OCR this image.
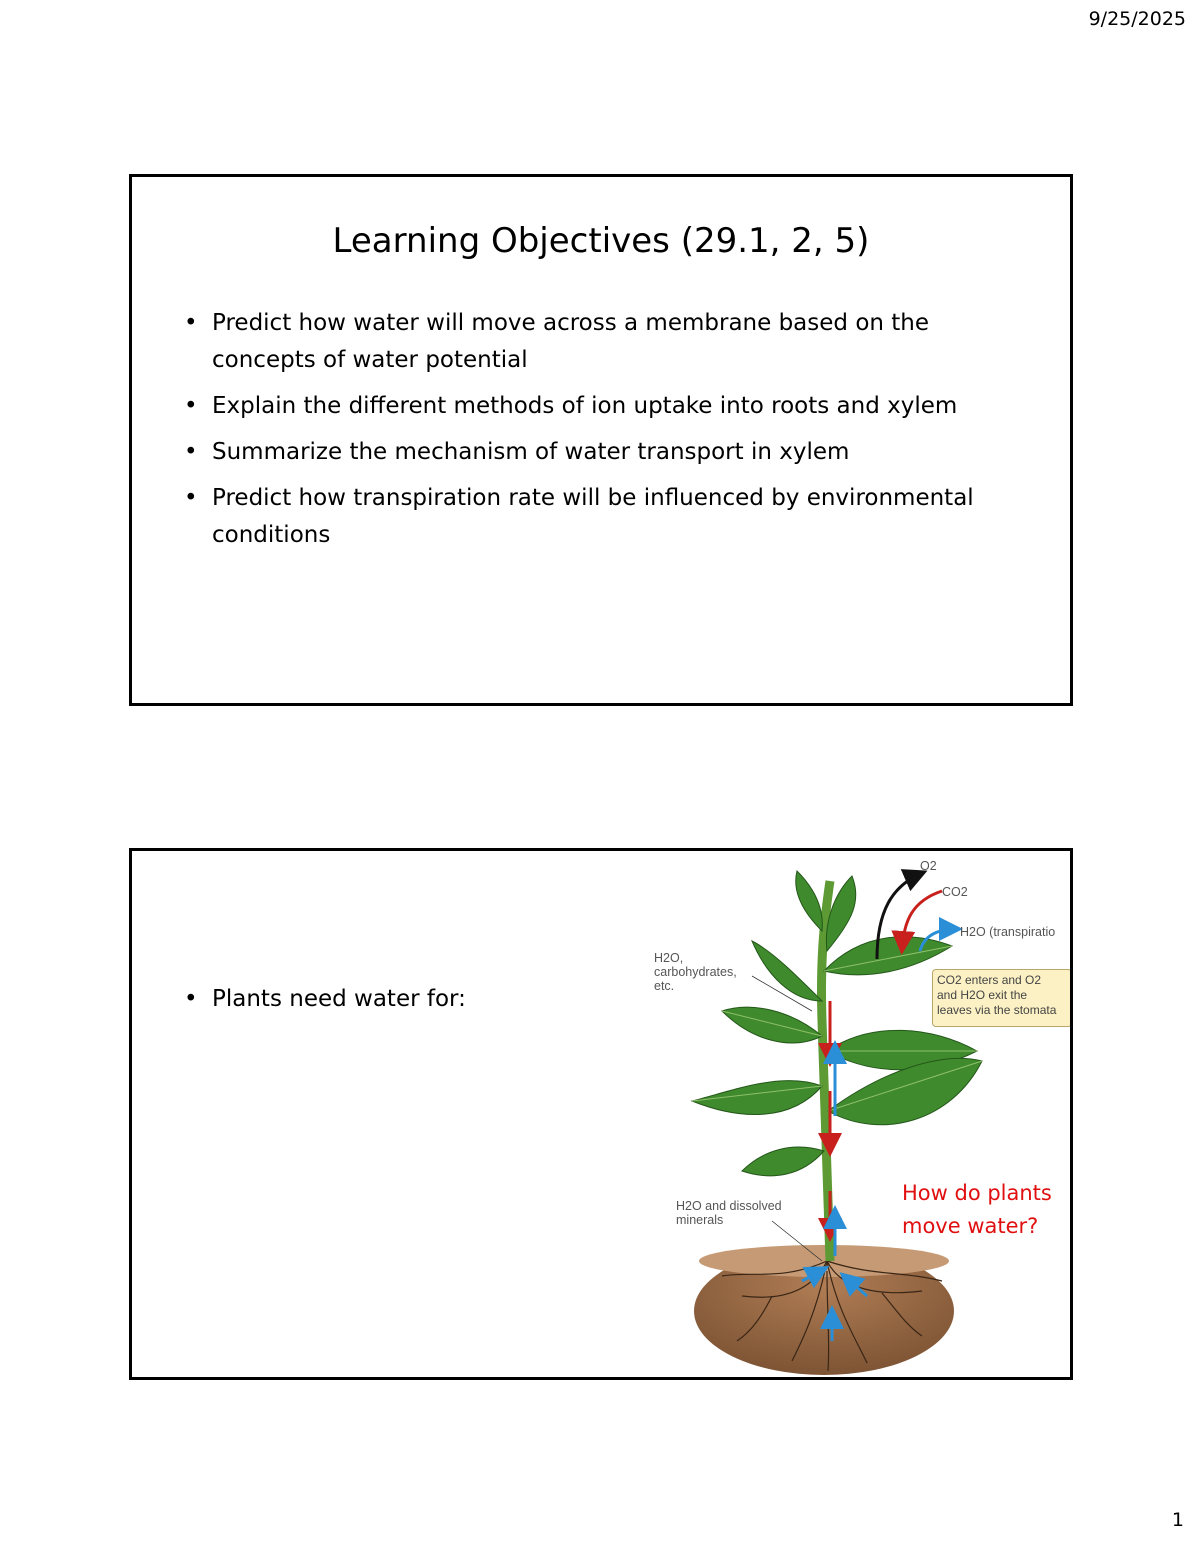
9/25/2025
Learning Objectives (29.1, 2, 5)
• Predict how water will move across a membrane based on the concepts of water potential
• Explain the different methods of ion uptake into roots and xylem
• Summarize the mechanism of water transport in xylem
• Predict how transpiration rate will be influenced by environmental conditions
• Plants need water for:
O2
CO2
H2O (transpiratio
H2O,
carbohydrates,
etc.	CO2 enters and O2
and H2O exit the
leaves via the stomata
H2O and dissolved
minerals
How do plants
move water?
1
